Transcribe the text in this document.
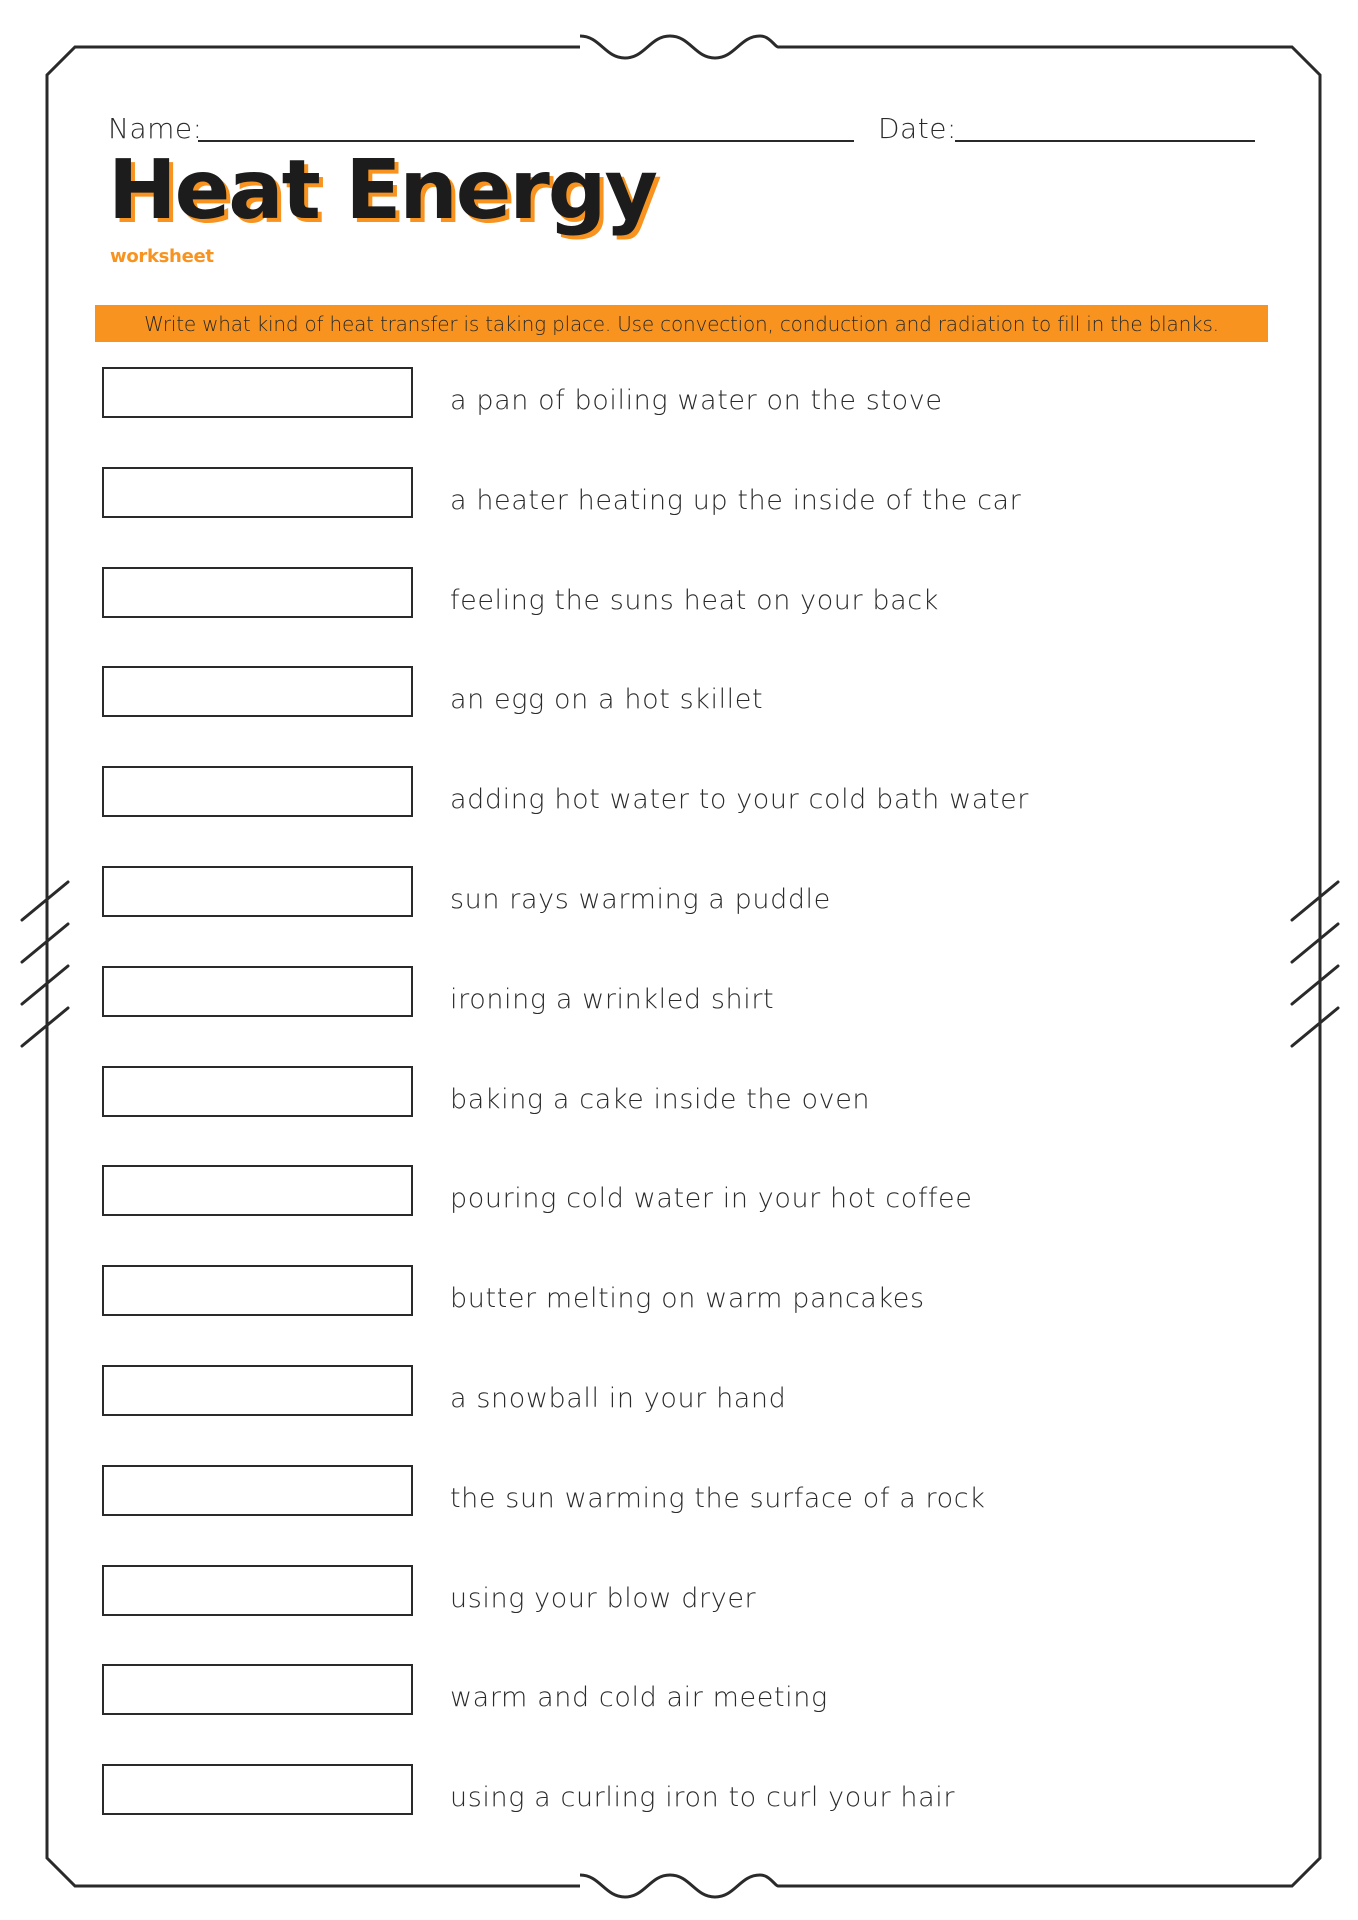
Name:	Date:
Heat Energy
worksheet
Write what kind of heat transfer is taking place. Use convection, conduction and radiation to fill in the blanks.
a pan of boiling water on the stove
a heater heating up the inside of the car
feeling the suns heat on your back
an egg on a hot skillet
adding hot water to your cold bath water
sun rays warming a puddle
ironing a wrinkled shirt
baking a cake inside the oven
pouring cold water in your hot coffee
butter melting on warm pancakes
a snowball in your hand
the sun warming the surface of a rock
using your blow dryer
warm and cold air meeting
using a curling iron to curl your hair
